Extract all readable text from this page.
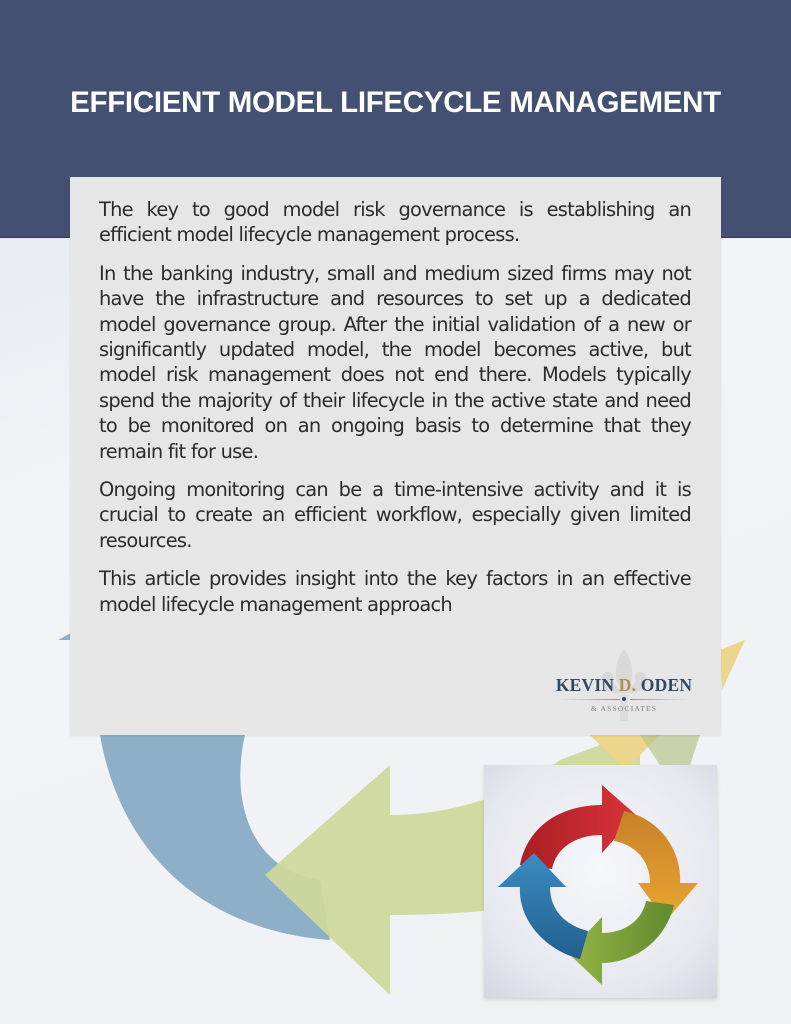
EFFICIENT MODEL LIFECYCLE MANAGEMENT

The key to good model risk governance is establishing an efficient model lifecycle management process.

In the banking industry, small and medium sized firms may not have the infrastructure and resources to set up a dedicated model governance group. After the initial validation of a new or significantly updated model, the model becomes active, but model risk management does not end there. Models typically spend the majority of their lifecycle in the active state and need to be monitored on an ongoing basis to determine that they remain fit for use.

Ongoing monitoring can be a time-intensive activity and it is crucial to create an efficient workflow, especially given limited resources.

This article provides insight into the key factors in an effective model lifecycle management approach

KEVIN D. ODEN
& ASSOCIATES
